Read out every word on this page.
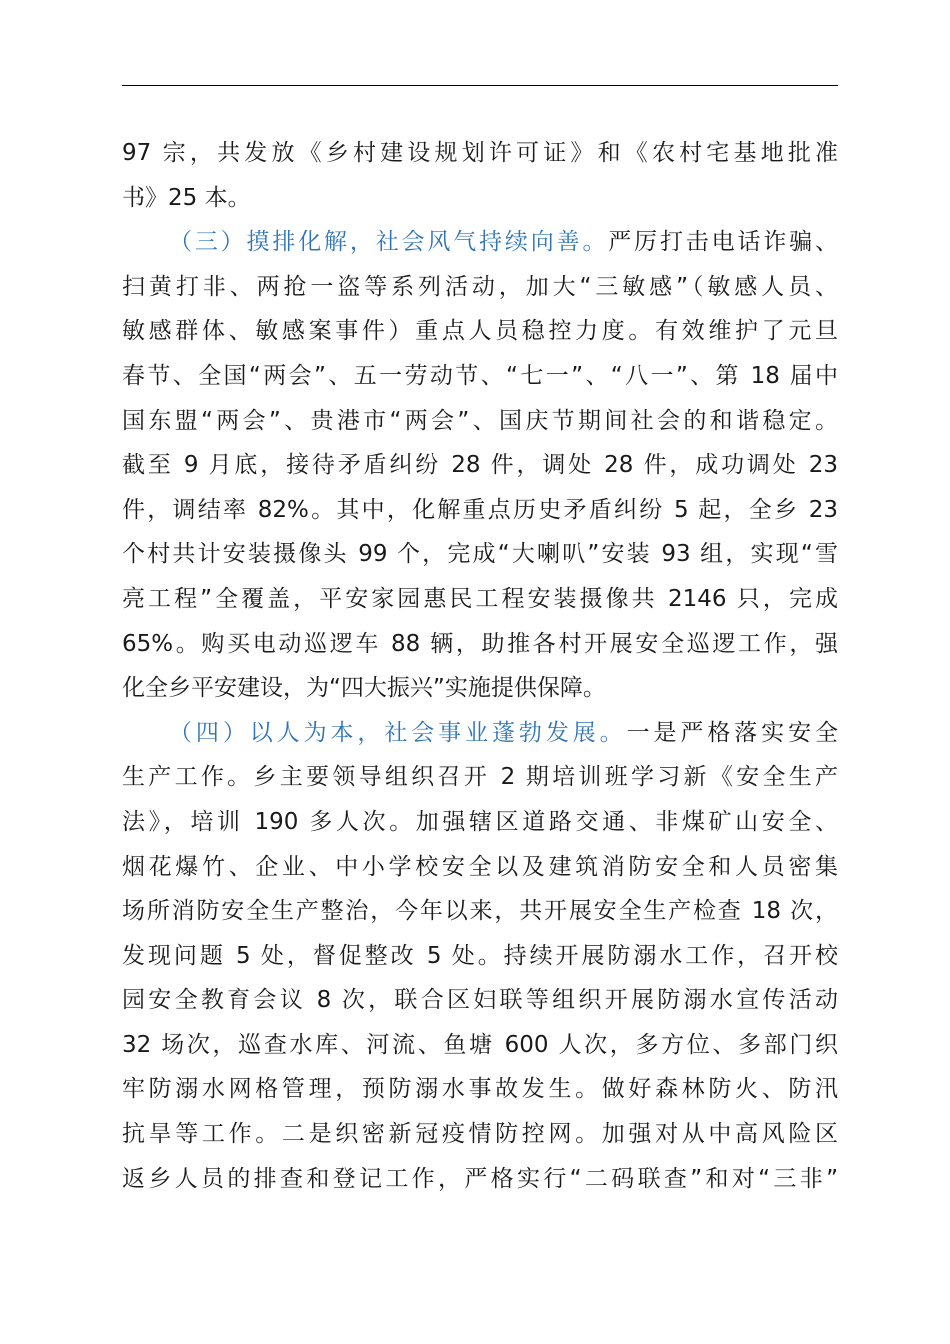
97 宗，共发放《乡村建设规划许可证》和《农村宅基地批准
书》25 本。
（三）摸排化解，社会风气持续向善。严厉打击电话诈骗、
扫黄打非、两抢一盗等系列活动，加大“三敏感”（敏感人员、
敏感群体、敏感案事件）重点人员稳控力度。有效维护了元旦
春节、全国“两会”、五一劳动节、“七一”、“八一”、第 18 届中
国东盟“两会”、贵港市“两会”、国庆节期间社会的和谐稳定。
截至 9 月底，接待矛盾纠纷 28 件，调处 28 件，成功调处 23
件，调结率 82%。其中，化解重点历史矛盾纠纷 5 起，全乡 23
个村共计安装摄像头 99 个，完成“大喇叭”安装 93 组，实现“雪
亮工程”全覆盖，平安家园惠民工程安装摄像共 2146 只，完成
65%。购买电动巡逻车 88 辆，助推各村开展安全巡逻工作，强
化全乡平安建设，为“四大振兴”实施提供保障。
（四）以人为本，社会事业蓬勃发展。一是严格落实安全
生产工作。乡主要领导组织召开 2 期培训班学习新《安全生产
法》，培训 190 多人次。加强辖区道路交通、非煤矿山安全、
烟花爆竹、企业、中小学校安全以及建筑消防安全和人员密集
场所消防安全生产整治，今年以来，共开展安全生产检查 18 次，
发现问题 5 处，督促整改 5 处。持续开展防溺水工作，召开校
园安全教育会议 8 次，联合区妇联等组织开展防溺水宣传活动
32 场次，巡查水库、河流、鱼塘 600 人次，多方位、多部门织
牢防溺水网格管理，预防溺水事故发生。做好森林防火、防汛
抗旱等工作。二是织密新冠疫情防控网。加强对从中高风险区
返乡人员的排查和登记工作，严格实行“二码联查”和对“三非”
